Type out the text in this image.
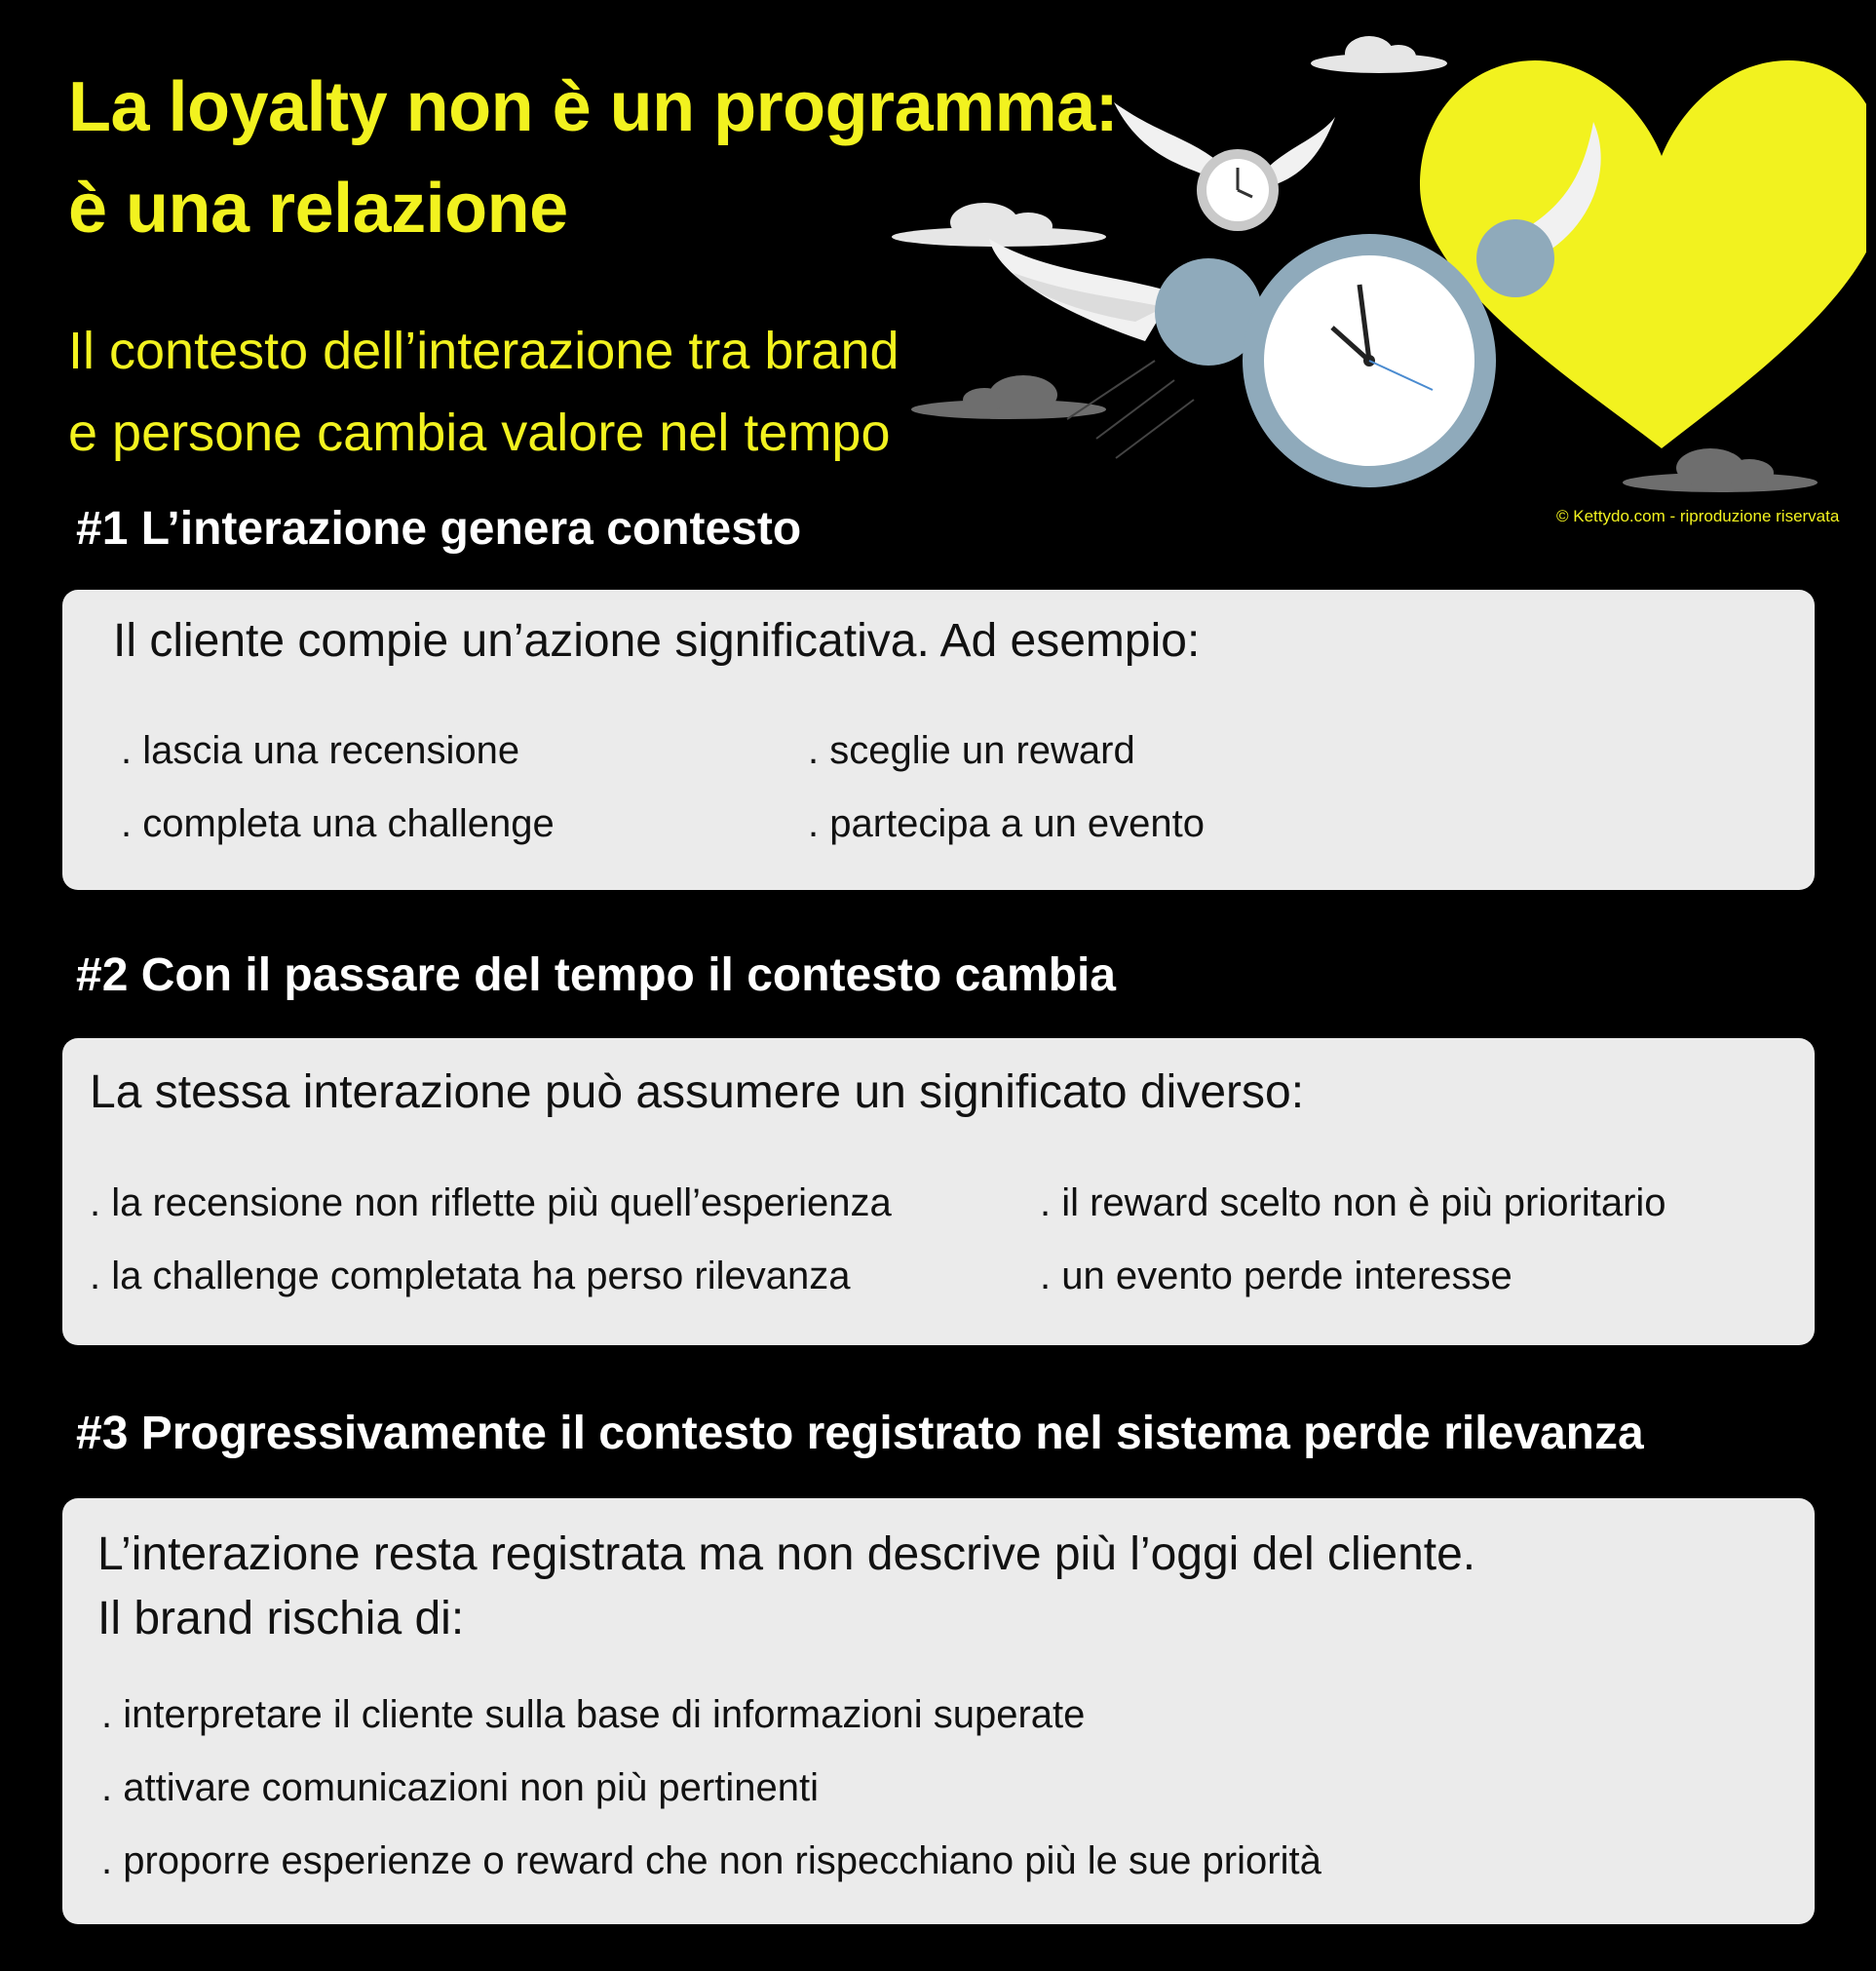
La loyalty non è un programma:
è una relazione

Il contesto dell’interazione tra brand
e persone cambia valore nel tempo

© Kettydo.com - riproduzione riservata
#1 L’interazione genera contesto
Il cliente compie un’azione significativa. Ad esempio:
. lascia una recensione	. sceglie un reward
. completa una challenge	. partecipa a un evento
#2 Con il passare del tempo il contesto cambia
La stessa interazione può assumere un significato diverso:
. la recensione non riflette più quell’esperienza	. il reward scelto non è più prioritario
. la challenge completata ha perso rilevanza	. un evento perde interesse
#3 Progressivamente il contesto registrato nel sistema perde rilevanza
L’interazione resta registrata ma non descrive più l’oggi del cliente.
Il brand rischia di:
. interpretare il cliente sulla base di informazioni superate
. attivare comunicazioni non più pertinenti
. proporre esperienze o reward che non rispecchiano più le sue priorità
